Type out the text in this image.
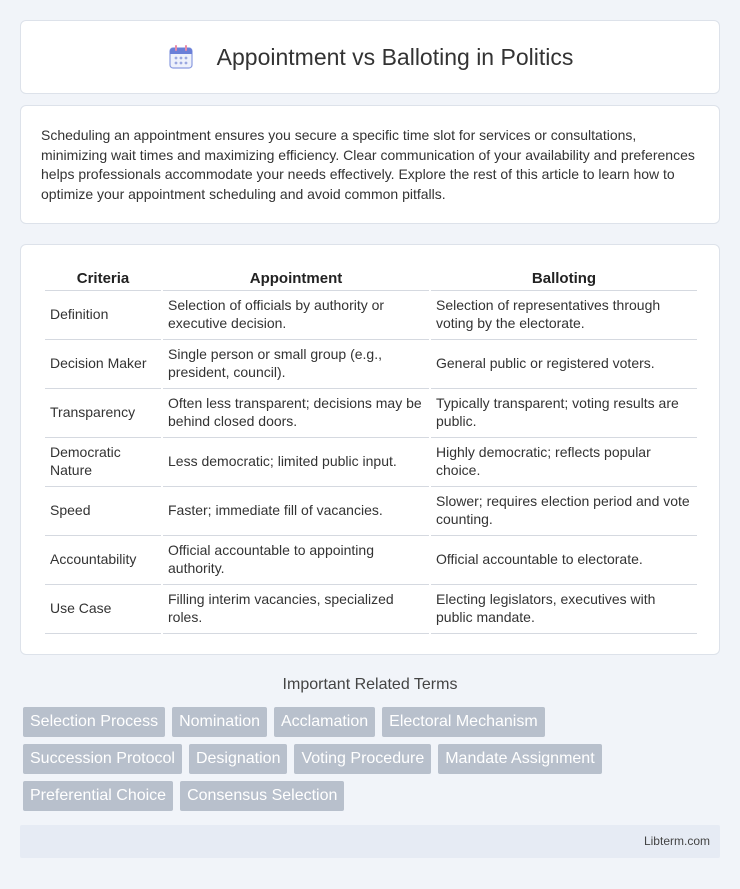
Appointment vs Balloting in Politics

Scheduling an appointment ensures you secure a specific time slot for services or consultations, minimizing wait times and maximizing efficiency. Clear communication of your availability and preferences helps professionals accommodate your needs effectively. Explore the rest of this article to learn how to optimize your appointment scheduling and avoid common pitfalls.

Criteria	Appointment	Balloting
Definition	Selection of officials by authority or executive decision.	Selection of representatives through voting by the electorate.
Decision Maker	Single person or small group (e.g., president, council).	General public or registered voters.
Transparency	Often less transparent; decisions may be behind closed doors.	Typically transparent; voting results are public.
Democratic Nature	Less democratic; limited public input.	Highly democratic; reflects popular choice.
Speed	Faster; immediate fill of vacancies.	Slower; requires election period and vote counting.
Accountability	Official accountable to appointing authority.	Official accountable to electorate.
Use Case	Filling interim vacancies, specialized roles.	Electing legislators, executives with public mandate.
Important Related Terms
Selection Process	Nomination	Acclamation	Electoral Mechanism
Succession Protocol	Designation	Voting Procedure	Mandate Assignment
Preferential Choice	Consensus Selection
Libterm.com
